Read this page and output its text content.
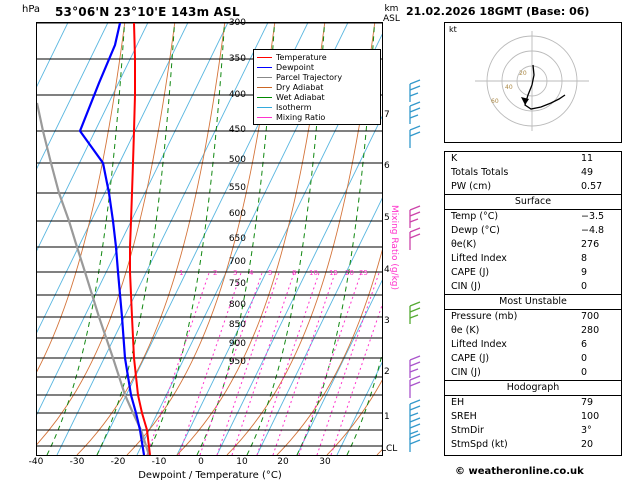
hPa 53°06'N 23°10'E 143m ASL	km
ASL
21.02.2026 18GMT (Base: 06)
1	2 3 4 5	8 10 15 20 25
Temperature
Dewpoint
Parcel Trajectory
Dry Adiabat
Wet Adiabat
Isotherm
Mixing Ratio
300
350
400
450
500
550
600
650
700
750
800
850
900
950
-40	-30	-20	-10	0	10	20	30
Dewpoint / Temperature (°C)
7
6
5
4
3
2
1
LCL
Mixing Ratio (g/kg)
kt
20
40
60
K	11
Totals Totals	49
PW (cm)	0.57
Surface
Temp (°C)	−3.5
Dewp (°C)	−4.8
θe(K)	276
Lifted Index	8
CAPE (J)	9
CIN (J)	0
Most Unstable
Pressure (mb)	700
θe (K)	280
Lifted Index	6
CAPE (J)	0
CIN (J)	0
Hodograph
EH	79
SREH	100
StmDir	3°
StmSpd (kt)	20
© weatheronline.co.uk
